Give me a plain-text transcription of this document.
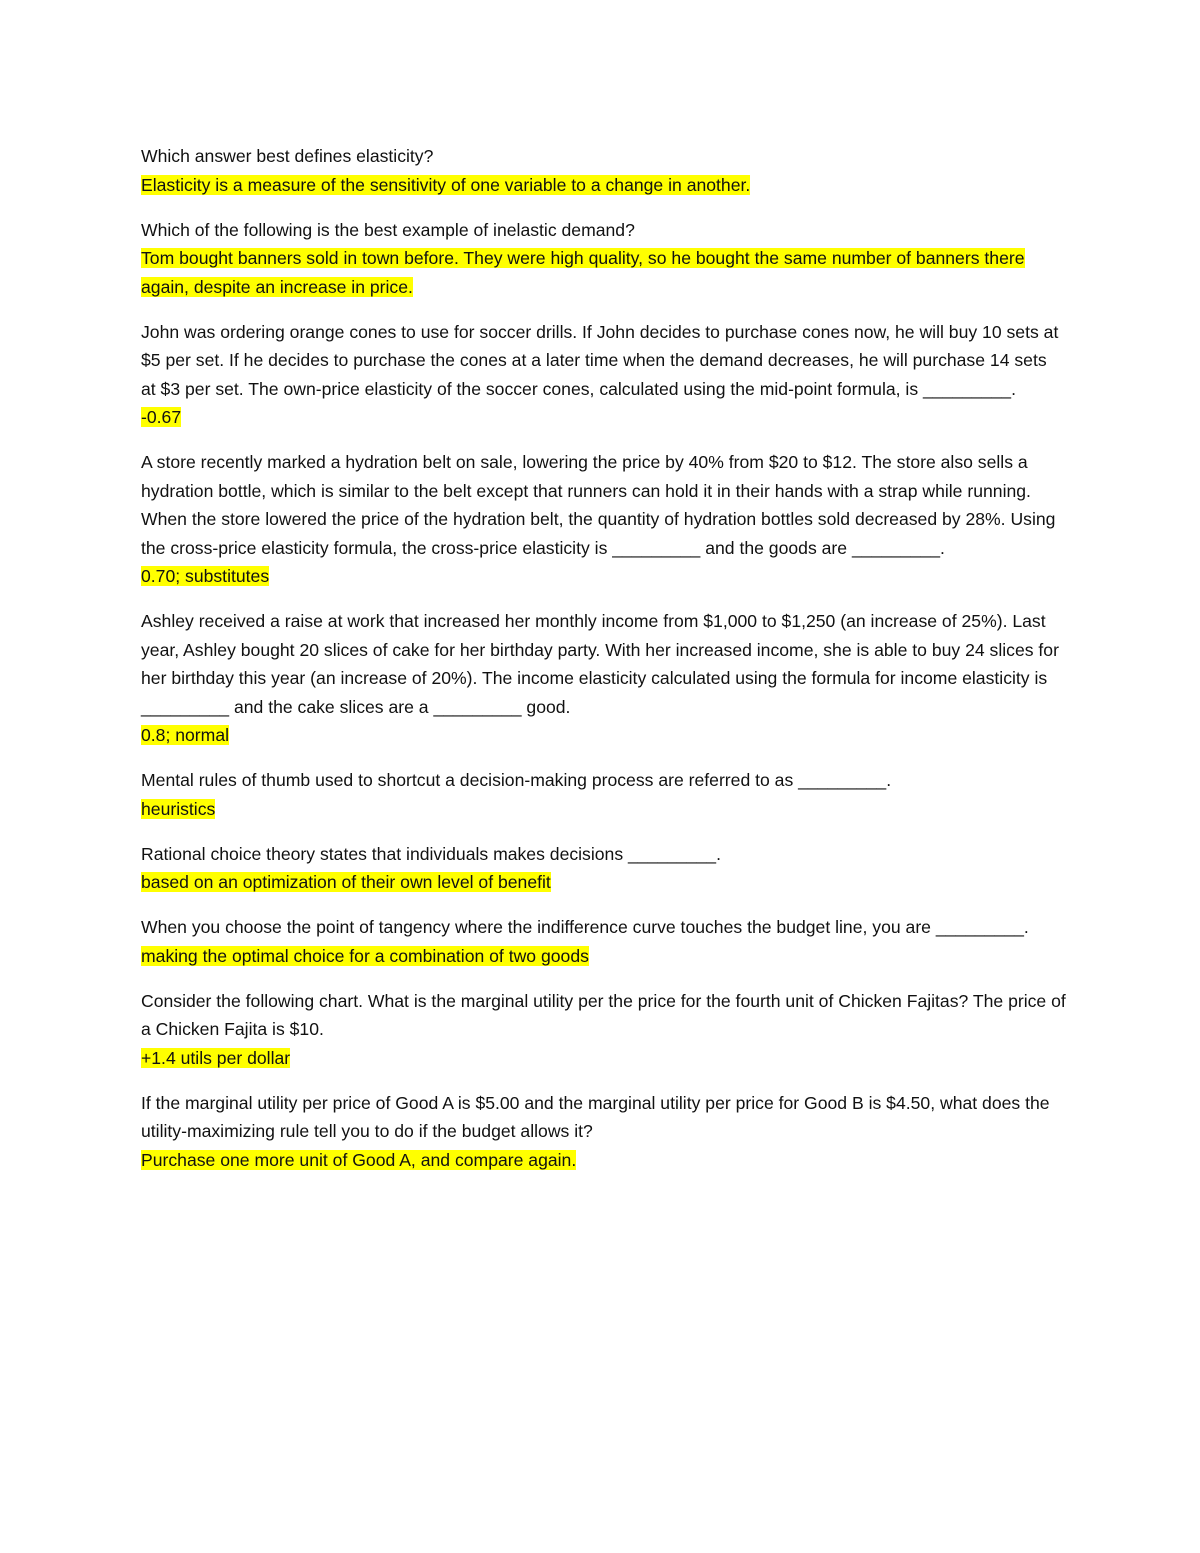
Which answer best defines elasticity?

Elasticity is a measure of the sensitivity of one variable to a change in another.

Which of the following is the best example of inelastic demand?

Tom bought banners sold in town before. They were high quality, so he bought the same number of banners there again, despite an increase in price.

John was ordering orange cones to use for soccer drills. If John decides to purchase cones now, he will buy 10 sets at $5 per set. If he decides to purchase the cones at a later time when the demand decreases, he will purchase 14 sets at $3 per set. The own-price elasticity of the soccer cones, calculated using the mid-point formula, is _________.

-0.67

A store recently marked a hydration belt on sale, lowering the price by 40% from $20 to $12. The store also sells a hydration bottle, which is similar to the belt except that runners can hold it in their hands with a strap while running. When the store lowered the price of the hydration belt, the quantity of hydration bottles sold decreased by 28%. Using the cross-price elasticity formula, the cross-price elasticity is _________ and the goods are _________.

0.70; substitutes

Ashley received a raise at work that increased her monthly income from $1,000 to $1,250 (an increase of 25%). Last year, Ashley bought 20 slices of cake for her birthday party. With her increased income, she is able to buy 24 slices for her birthday this year (an increase of 20%). The income elasticity calculated using the formula for income elasticity is _________ and the cake slices are a _________ good.

0.8; normal

Mental rules of thumb used to shortcut a decision-making process are referred to as _________.

heuristics

Rational choice theory states that individuals makes decisions _________.

based on an optimization of their own level of benefit

When you choose the point of tangency where the indifference curve touches the budget line, you are _________.

making the optimal choice for a combination of two goods

Consider the following chart. What is the marginal utility per the price for the fourth unit of Chicken Fajitas? The price of a Chicken Fajita is $10.

+1.4 utils per dollar

If the marginal utility per price of Good A is $5.00 and the marginal utility per price for Good B is $4.50, what does the utility-maximizing rule tell you to do if the budget allows it?

Purchase one more unit of Good A, and compare again.
